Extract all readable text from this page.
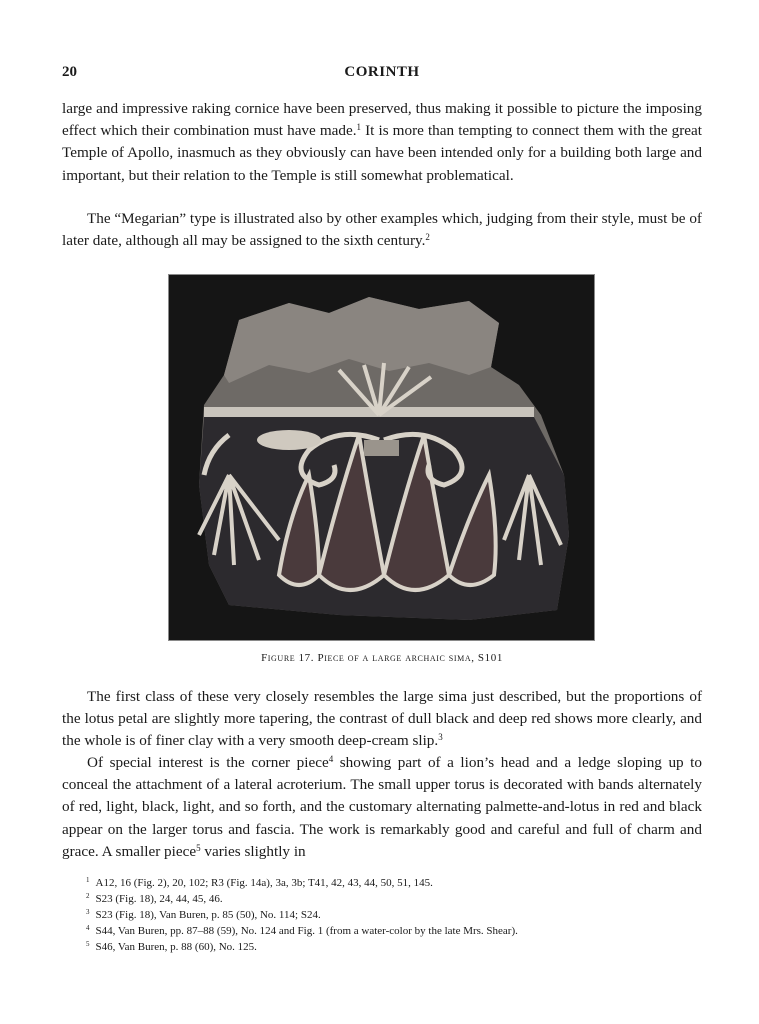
20	CORINTH

large and impressive raking cornice have been preserved, thus making it possible to picture the imposing effect which their combination must have made.$^1$ It is more than tempting to connect them with the great Temple of Apollo, inasmuch as they obviously can have been intended only for a building both large and important, but their relation to the Temple is still somewhat problematical.

The “Megarian” type is illustrated also by other examples which, judging from their style, must be of later date, although all may be assigned to the sixth century.$^2$

Figure 17. Piece of a large archaic sima, S101

The first class of these very closely resembles the large sima just described, but the proportions of the lotus petal are slightly more tapering, the contrast of dull black and deep red shows more clearly, and the whole is of finer clay with a very smooth deep-cream slip.$^3$

Of special interest is the corner piece$^4$ showing part of a lion’s head and a ledge sloping up to conceal the attachment of a lateral acroterium. The small upper torus is decorated with bands alternately of red, light, black, light, and so forth, and the customary alternating palmette-and-lotus in red and black appear on the larger torus and fascia. The work is remarkably good and careful and full of charm and grace. A smaller piece$^5$ varies slightly in

$^1$ A12, 16 (Fig. 2), 20, 102; R3 (Fig. 14a), 3a, 3b; T41, 42, 43, 44, 50, 51, 145.
$^2$ S23 (Fig. 18), 24, 44, 45, 46.
$^3$ S23 (Fig. 18), Van Buren, p. 85 (50), No. 114; S24.
$^4$ S44, Van Buren, pp. 87–88 (59), No. 124 and Fig. 1 (from a water-color by the late Mrs. Shear).
$^5$ S46, Van Buren, p. 88 (60), No. 125.
